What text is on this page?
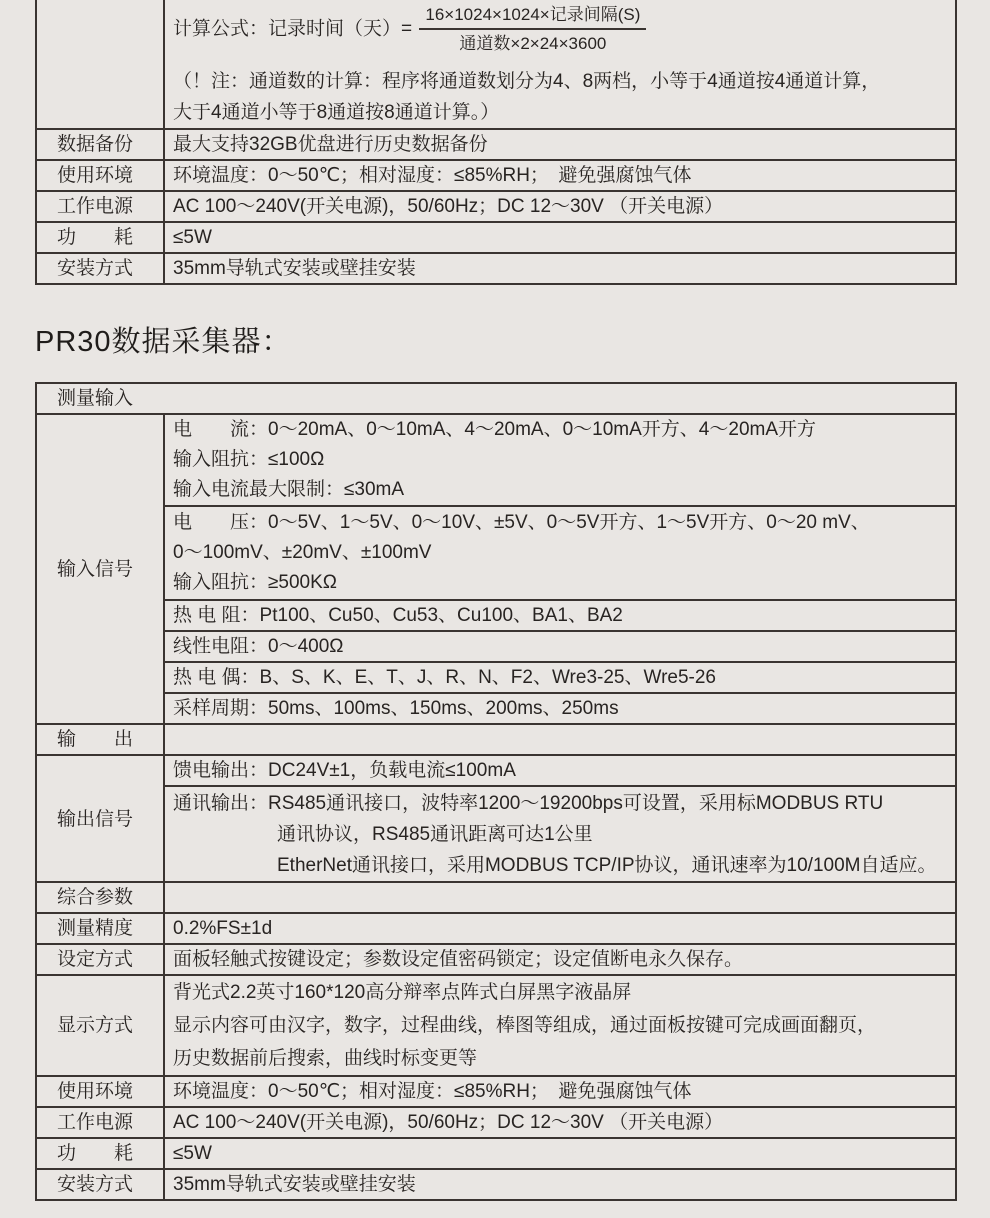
	计算公式：记录时间（天）= $\frac{\text{16×1024×1024×记录间隔(S)}}{\text{通道数×2×24×3600}}$
（！注：通道数的计算：程序将通道数划分为4、8两档，小等于4通道按4通道计算，
大于4通道小等于8通道按8通道计算。）

数据备份	最大支持32GB优盘进行历史数据备份

使用环境	环境温度：0～50℃；相对湿度：≤85%RH；　避免强腐蚀气体

工作电源	AC 100～240V(开关电源)，50/60Hz；DC 12～30V （开关电源）

功　　耗	≤5W

安装方式	35mm导轨式安装或壁挂安装
PR30数据采集器：
测量输入	

输入信号	电　　流：0～20mA、0～10mA、4～20mA、0～10mA开方、4～20mA开方
输入阻抗：≤100Ω
输入电流最大限制：≤30mA

	电　　压：0～5V、1～5V、0～10V、±5V、0～5V开方、1～5V开方、0～20 mV、
0～100mV、±20mV、±100mV
输入阻抗：≥500KΩ

	热 电 阻：Pt100、Cu50、Cu53、Cu100、BA1、BA2

	线性电阻：0～400Ω

	热 电 偶：B、S、K、E、T、J、R、N、F2、Wre3-25、Wre5-26

	采样周期：50ms、100ms、150ms、200ms、250ms

输　　出	

输出信号	馈电输出：DC24V±1，负载电流≤100mA

	通讯输出：RS485通讯接口，波特率1200～19200bps可设置，采用标MODBUS RTU
通讯协议，RS485通讯距离可达1公里
EtherNet通讯接口，采用MODBUS TCP/IP协议，通讯速率为10/100M自适应。

综合参数	

测量精度	0.2%FS±1d

设定方式	面板轻触式按键设定；参数设定值密码锁定；设定值断电永久保存。

显示方式	背光式2.2英寸160*120高分辩率点阵式白屏黑字液晶屏
显示内容可由汉字，数字，过程曲线，棒图等组成，通过面板按键可完成画面翻页，
历史数据前后搜索，曲线时标变更等

使用环境	环境温度：0～50℃；相对湿度：≤85%RH；　避免强腐蚀气体

工作电源	AC 100～240V(开关电源)，50/60Hz；DC 12～30V （开关电源）

功　　耗	≤5W

安装方式	35mm导轨式安装或壁挂安装
